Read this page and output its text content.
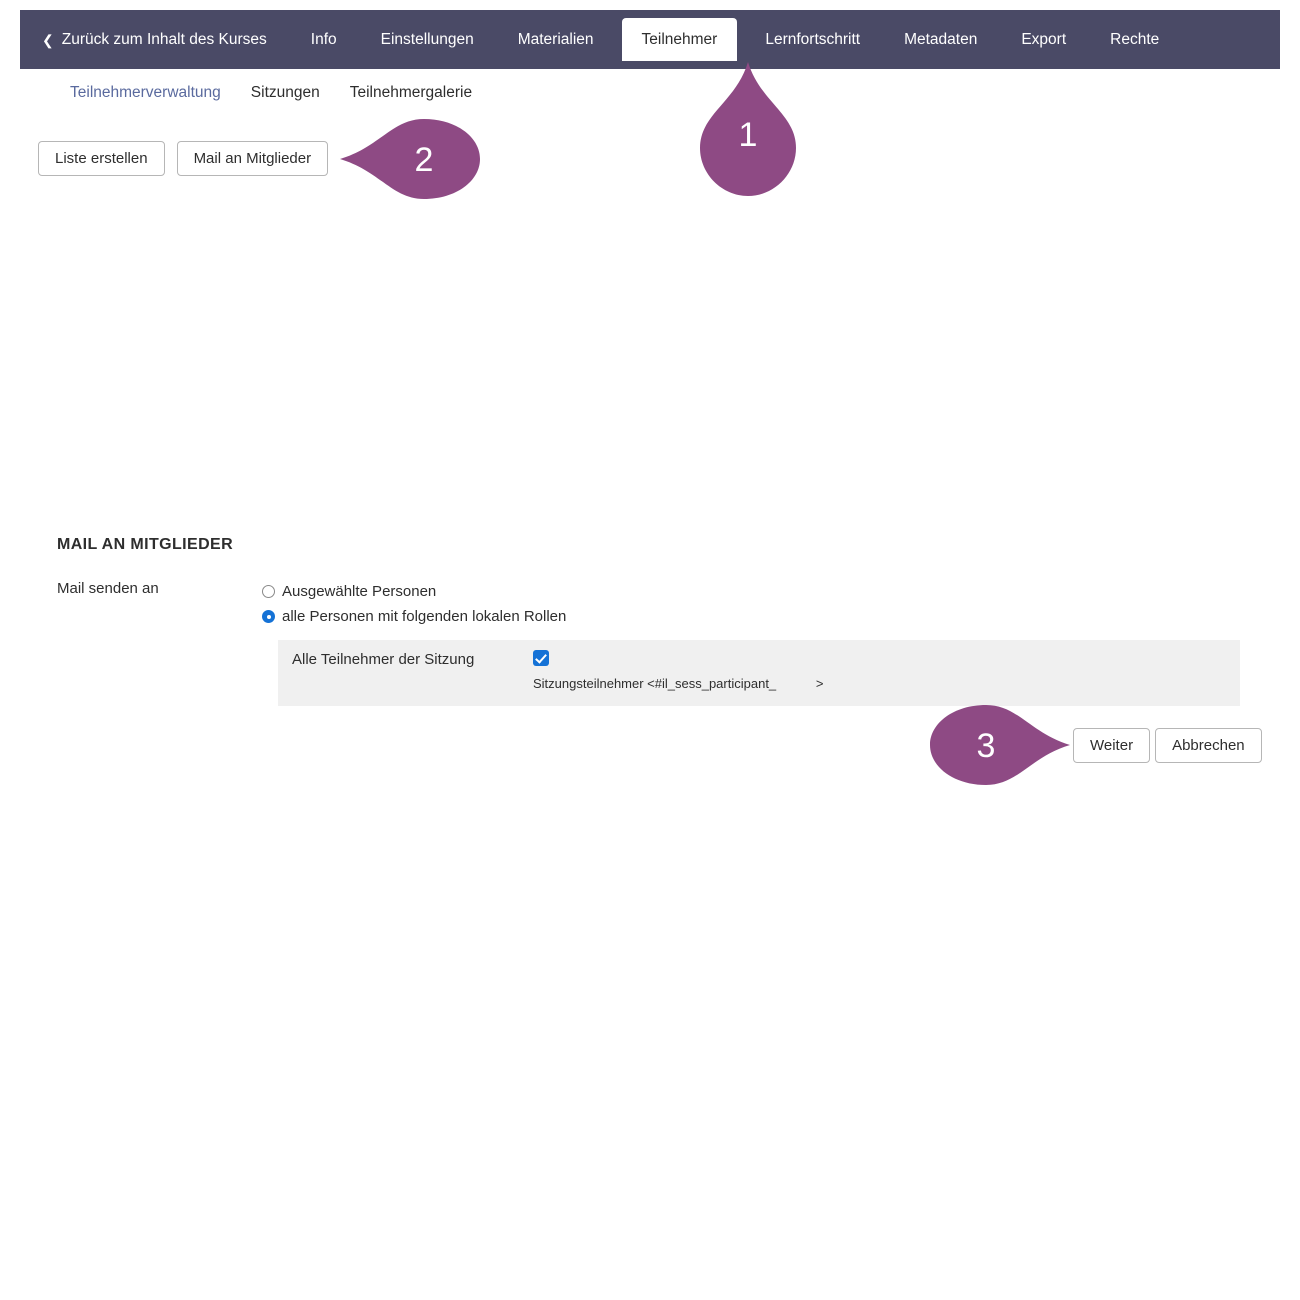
❮ Zurück zum Inhalt des Kurses	Info	Einstellungen	Materialien	Teilnehmer	Lernfortschritt	Metadaten	Export	Rechte
Teilnehmerverwaltung	Sitzungen	Teilnehmergalerie
Liste erstellen	Mail an Mitglieder
MAIL AN MITGLIEDER
Mail senden an	Ausgewählte Personen
alle Personen mit folgenden lokalen Rollen
Alle Teilnehmer der Sitzung
Sitzungsteilnehmer <#il_sess_participant_           >
Weiter	Abbrechen
1
2
3
